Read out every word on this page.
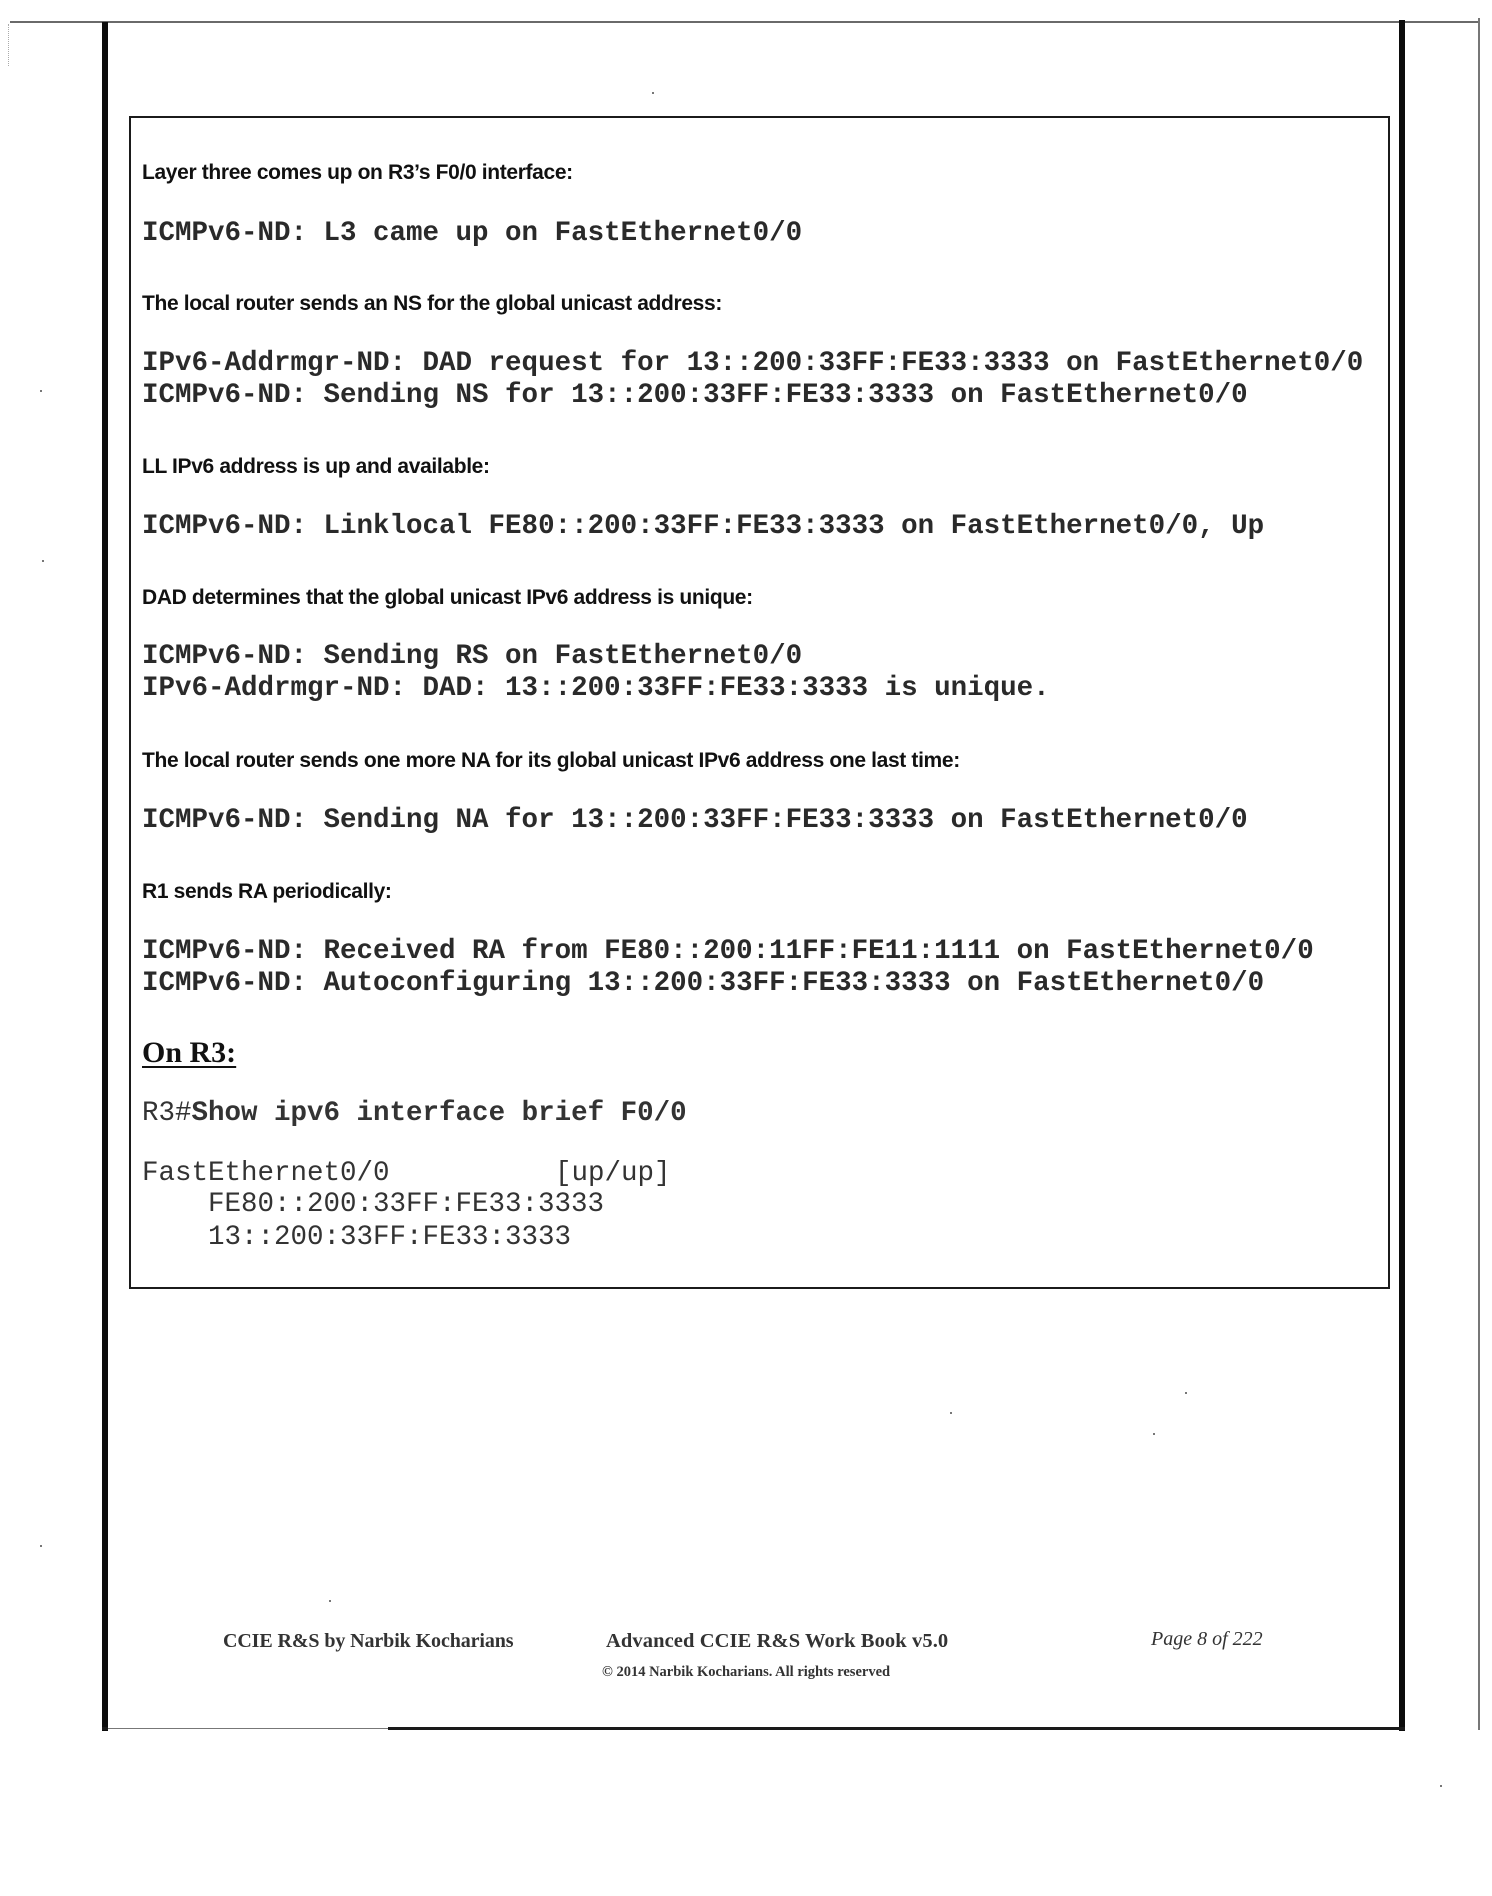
Layer three comes up on R3’s F0/0 interface:
ICMPv6-ND: L3 came up on FastEthernet0/0
The local router sends an NS for the global unicast address:
IPv6-Addrmgr-ND: DAD request for 13::200:33FF:FE33:3333 on FastEthernet0/0
ICMPv6-ND: Sending NS for 13::200:33FF:FE33:3333 on FastEthernet0/0
LL IPv6 address is up and available:
ICMPv6-ND: Linklocal FE80::200:33FF:FE33:3333 on FastEthernet0/0, Up
DAD determines that the global unicast IPv6 address is unique:
ICMPv6-ND: Sending RS on FastEthernet0/0
IPv6-Addrmgr-ND: DAD: 13::200:33FF:FE33:3333 is unique.
The local router sends one more NA for its global unicast IPv6 address one last time:
ICMPv6-ND: Sending NA for 13::200:33FF:FE33:3333 on FastEthernet0/0
R1 sends RA periodically:
ICMPv6-ND: Received RA from FE80::200:11FF:FE11:1111 on FastEthernet0/0
ICMPv6-ND: Autoconfiguring 13::200:33FF:FE33:3333 on FastEthernet0/0
On R3:
R3#Show ipv6 interface brief F0/0
FastEthernet0/0	[up/up]
FE80::200:33FF:FE33:3333
13::200:33FF:FE33:3333
CCIE R&S by Narbik Kocharians	Advanced CCIE R&S Work Book v5.0
© 2014 Narbik Kocharians. All rights reserved
Page 8 of 222
